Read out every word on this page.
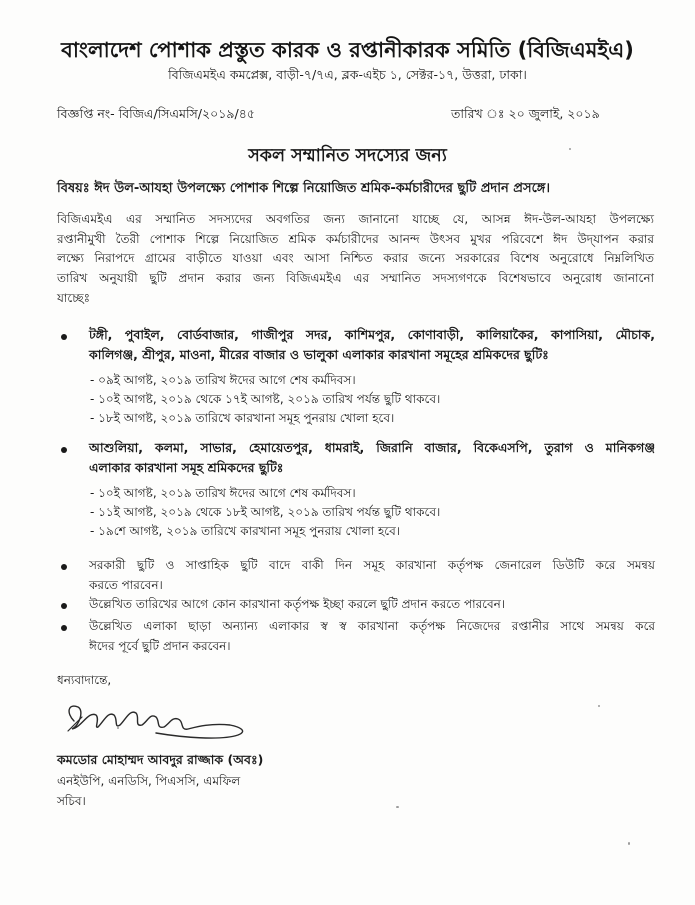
বাংলাদেশ পোশাক প্রস্তুত কারক ও রপ্তানীকারক সমিতি (বিজিএমইএ)
বিজিএমইএ কমপ্লেক্স, বাড়ী-৭/৭এ, ব্লক-এইচ ১, সেক্টর-১৭, উত্তরা, ঢাকা।
বিজ্ঞপ্তি নং- বিজিএ/সিএমসি/২০১৯/৪৫	তারিখ ঃ ২০ জুলাই, ২০১৯
সকল সম্মানিত সদস্যের জন্য
বিষয়ঃ ঈদ উল-আযহা উপলক্ষ্যে পোশাক শিল্পে নিয়োজিত শ্রমিক-কর্মচারীদের ছুটি প্রদান প্রসঙ্গে।
বিজিএমইএ এর সম্মানিত সদস্যদের অবগতির জন্য জানানো যাচ্ছে যে, আসন্ন ঈদ-উল-আযহা উপলক্ষ্যে
রপ্তানীমুখী তৈরী পোশাক শিল্পে নিয়োজিত শ্রমিক কর্মচারীদের আনন্দ উৎসব মুখর পরিবেশে ঈদ উদ্‌যাপন করার
লক্ষ্যে নিরাপদে গ্রামের বাড়ীতে যাওয়া এবং আসা নিশ্চিত করার জন্যে সরকারের বিশেষ অনুরোধে নিম্নলিখিত
তারিখ অনুযায়ী ছুটি প্রদান করার জন্য বিজিএমইএ এর সম্মানিত সদস্যগণকে বিশেষভাবে অনুরোধ জানানো
যাচ্ছেঃ
টঙ্গী, পুবাইল, বোর্ডবাজার, গাজীপুর সদর, কাশিমপুর, কোণাবাড়ী, কালিয়াকৈর, কাপাসিয়া, মৌচাক,
কালিগঞ্জ, শ্রীপুর, মাওনা, মীরের বাজার ও ভালুকা এলাকার কারখানা সমূহের শ্রমিকদের ছুটিঃ
- ০৯ই আগষ্ট, ২০১৯ তারিখ ঈদের আগে শেষ কর্মদিবস।
- ১০ই আগষ্ট, ২০১৯ থেকে ১৭ই আগষ্ট, ২০১৯ তারিখ পর্যন্ত ছুটি থাকবে।
- ১৮ই আগষ্ট, ২০১৯ তারিখে কারখানা সমূহ পুনরায় খোলা হবে।
আশুলিয়া, কলমা, সাভার, হেমায়েতপুর, ধামরাই, জিরানি বাজার, বিকেএসপি, তুরাগ ও মানিকগঞ্জ
এলাকার কারখানা সমূহ শ্রমিকদের ছুটিঃ
- ১০ই আগষ্ট, ২০১৯ তারিখ ঈদের আগে শেষ কর্মদিবস।
- ১১ই আগষ্ট, ২০১৯ থেকে ১৮ই আগষ্ট, ২০১৯ তারিখ পর্যন্ত ছুটি থাকবে।
- ১৯শে আগষ্ট, ২০১৯ তারিখে কারখানা সমূহ পুনরায় খোলা হবে।
সরকারী ছুটি ও সাপ্তাহিক ছুটি বাদে বাকী দিন সমূহ কারখানা কর্তৃপক্ষ জেনারেল ডিউটি করে সমন্বয়
করতে পারবেন।
উল্লেখিত তারিখের আগে কোন কারখানা কর্তৃপক্ষ ইচ্ছা করলে ছুটি প্রদান করতে পারবেন।
উল্লেখিত এলাকা ছাড়া অন্যান্য এলাকার স্ব স্ব কারখানা কর্তৃপক্ষ নিজেদের রপ্তানীর সাথে সমন্বয় করে
ঈদের পূর্বে ছুটি প্রদান করবেন।
ধন্যবাদান্তে,
কমডোর মোহাম্মদ আবদুর রাজ্জাক (অবঃ)
এনইউপি, এনডিসি, পিএসসি, এমফিল
সচিব।
